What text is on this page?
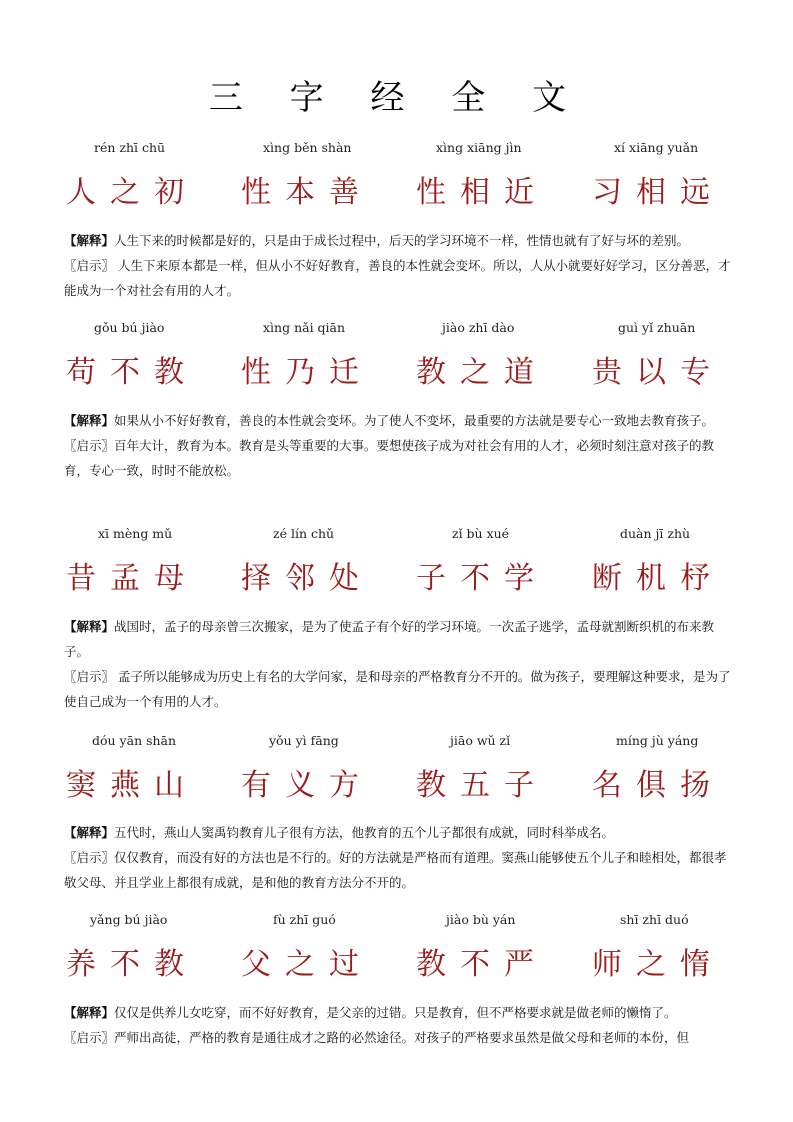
三 字 经 全 文
rén zhī chū
人之初
xìng běn shàn
性本善
xìng xiāng jìn
性相近
xí xiāng yuǎn
习相远

【解释】人生下来的时候都是好的，只是由于成长过程中，后天的学习环境不一样，性情也就有了好与坏的差别。

〖启示〗 人生下来原本都是一样，但从小不好好教育，善良的本性就会变坏。所以，人从小就要好好学习，区分善恶，才能成为一个对社会有用的人才。

gǒu bú jiào
苟不教
xìng nǎi qiān
性乃迁
jiào zhī dào
教之道
guì yǐ zhuān
贵以专

【解释】如果从小不好好教育，善良的本性就会变坏。为了使人不变坏，最重要的方法就是要专心一致地去教育孩子。

〖启示〗百年大计，教育为本。教育是头等重要的大事。要想使孩子成为对社会有用的人才，必须时刻注意对孩子的教育，专心一致，时时不能放松。

xī mèng mǔ
昔孟母
zé lín chǔ
择邻处
zǐ bù xué
子不学
duàn jī zhù
断机杼

【解释】战国时，孟子的母亲曾三次搬家，是为了使孟子有个好的学习环境。一次孟子逃学，孟母就割断织机的布来教子。

〖启示〗 孟子所以能够成为历史上有名的大学问家，是和母亲的严格教育分不开的。做为孩子，要理解这种要求，是为了使自己成为一个有用的人才。

dóu yān shān
窦燕山
yǒu yì fāng
有义方
jiāo wǔ zǐ
教五子
míng jù yáng
名俱扬

【解释】五代时，燕山人窦禹钧教育儿子很有方法，他教育的五个儿子都很有成就，同时科举成名。

〖启示〗仅仅教育，而没有好的方法也是不行的。好的方法就是严格而有道理。窦燕山能够使五个儿子和睦相处，都很孝敬父母、并且学业上都很有成就，是和他的教育方法分不开的。

yǎng bú jiào
养不教
fù zhī guó
父之过
jiào bù yán
教不严
shī zhī duó
师之惰

【解释】仅仅是供养儿女吃穿，而不好好教育，是父亲的过错。只是教育，但不严格要求就是做老师的懒惰了。

〖启示〗严师出高徒，严格的教育是通往成才之路的必然途径。对孩子的严格要求虽然是做父母和老师的本份，但
